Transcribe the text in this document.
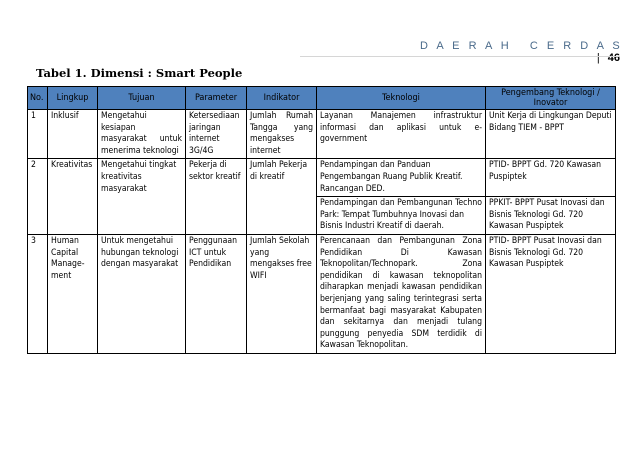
D A E R A H   C E R D A S | 46
Tabel 1. Dimensi : Smart People
No.	Lingkup	Tujuan	Parameter	Indikator	Teknologi	Pengembang Teknologi / Inovator
1	Inklusif	Mengetahui kesiapan masyarakat untuk menerima teknologi	Ketersediaan jaringan internet 3G/4G	Jumlah Rumah Tangga yang mengakses internet	Layanan Manajemen infrastruktur informasi dan aplikasi untuk e-government	Unit Kerja di Lingkungan Deputi Bidang TIEM - BPPT
2	Kreativitas	Mengetahui tingkat kreativitas masyarakat	Pekerja di sektor kreatif	Jumlah Pekerja di kreatif	Pendampingan dan Panduan Pengembangan Ruang Publik Kreatif. Rancangan DED.	PTID- BPPT Gd. 720 Kawasan Puspiptek
					Pendampingan dan Pembangunan Techno Park: Tempat Tumbuhnya Inovasi dan Bisnis Industri Kreatif di daerah.	PPKIT- BPPT Pusat Inovasi dan Bisnis Teknologi Gd. 720 Kawasan Puspiptek
3	Human Capital Manage-ment	Untuk mengetahui hubungan teknologi dengan masyarakat	Penggunaan ICT untuk Pendidikan	Jumlah Sekolah yang mengakses free WIFI	Perencanaan dan Pembangunan Zona Pendidikan Di Kawasan Teknopolitan/Technopark. Zona pendidikan di kawasan teknopolitan diharapkan menjadi kawasan pendidikan berjenjang yang saling terintegrasi serta bermanfaat bagi masyarakat Kabupaten dan sekitarnya dan menjadi tulang punggung penyedia SDM terdidik di Kawasan Teknopolitan.	PTID- BPPT Pusat Inovasi dan Bisnis Teknologi Gd. 720 Kawasan Puspiptek
